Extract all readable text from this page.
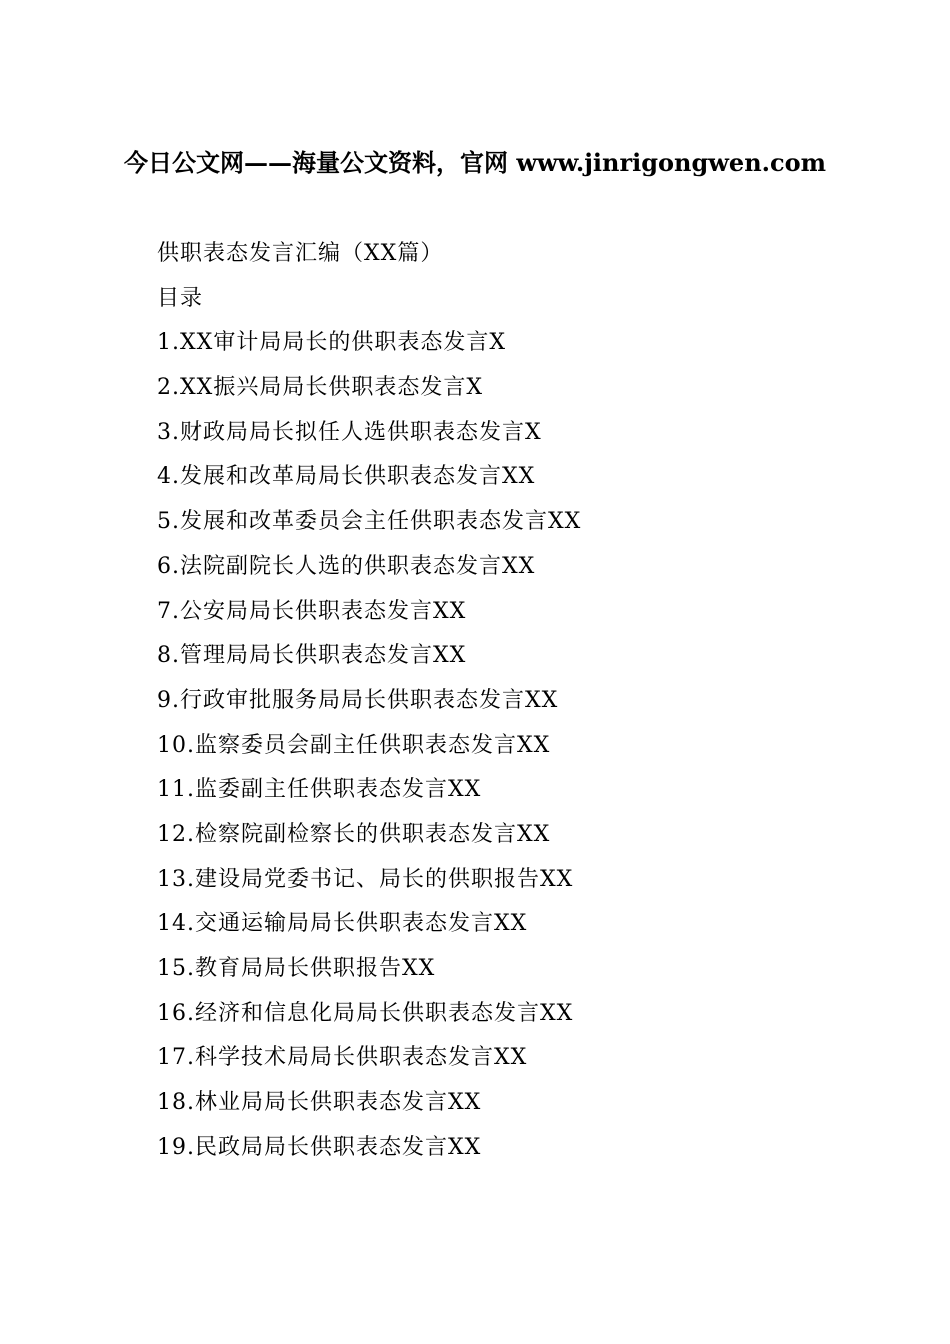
今日公文网——海量公文资料，官网 www.jinrigongwen.com
供职表态发言汇编（XX篇）
目录
1.XX审计局局长的供职表态发言X
2.XX振兴局局长供职表态发言X
3.财政局局长拟任人选供职表态发言X
4.发展和改革局局长供职表态发言XX
5.发展和改革委员会主任供职表态发言XX
6.法院副院长人选的供职表态发言XX
7.公安局局长供职表态发言XX
8.管理局局长供职表态发言XX
9.行政审批服务局局长供职表态发言XX
10.监察委员会副主任供职表态发言XX
11.监委副主任供职表态发言XX
12.检察院副检察长的供职表态发言XX
13.建设局党委书记、局长的供职报告XX
14.交通运输局局长供职表态发言XX
15.教育局局长供职报告XX
16.经济和信息化局局长供职表态发言XX
17.科学技术局局长供职表态发言XX
18.林业局局长供职表态发言XX
19.民政局局长供职表态发言XX
